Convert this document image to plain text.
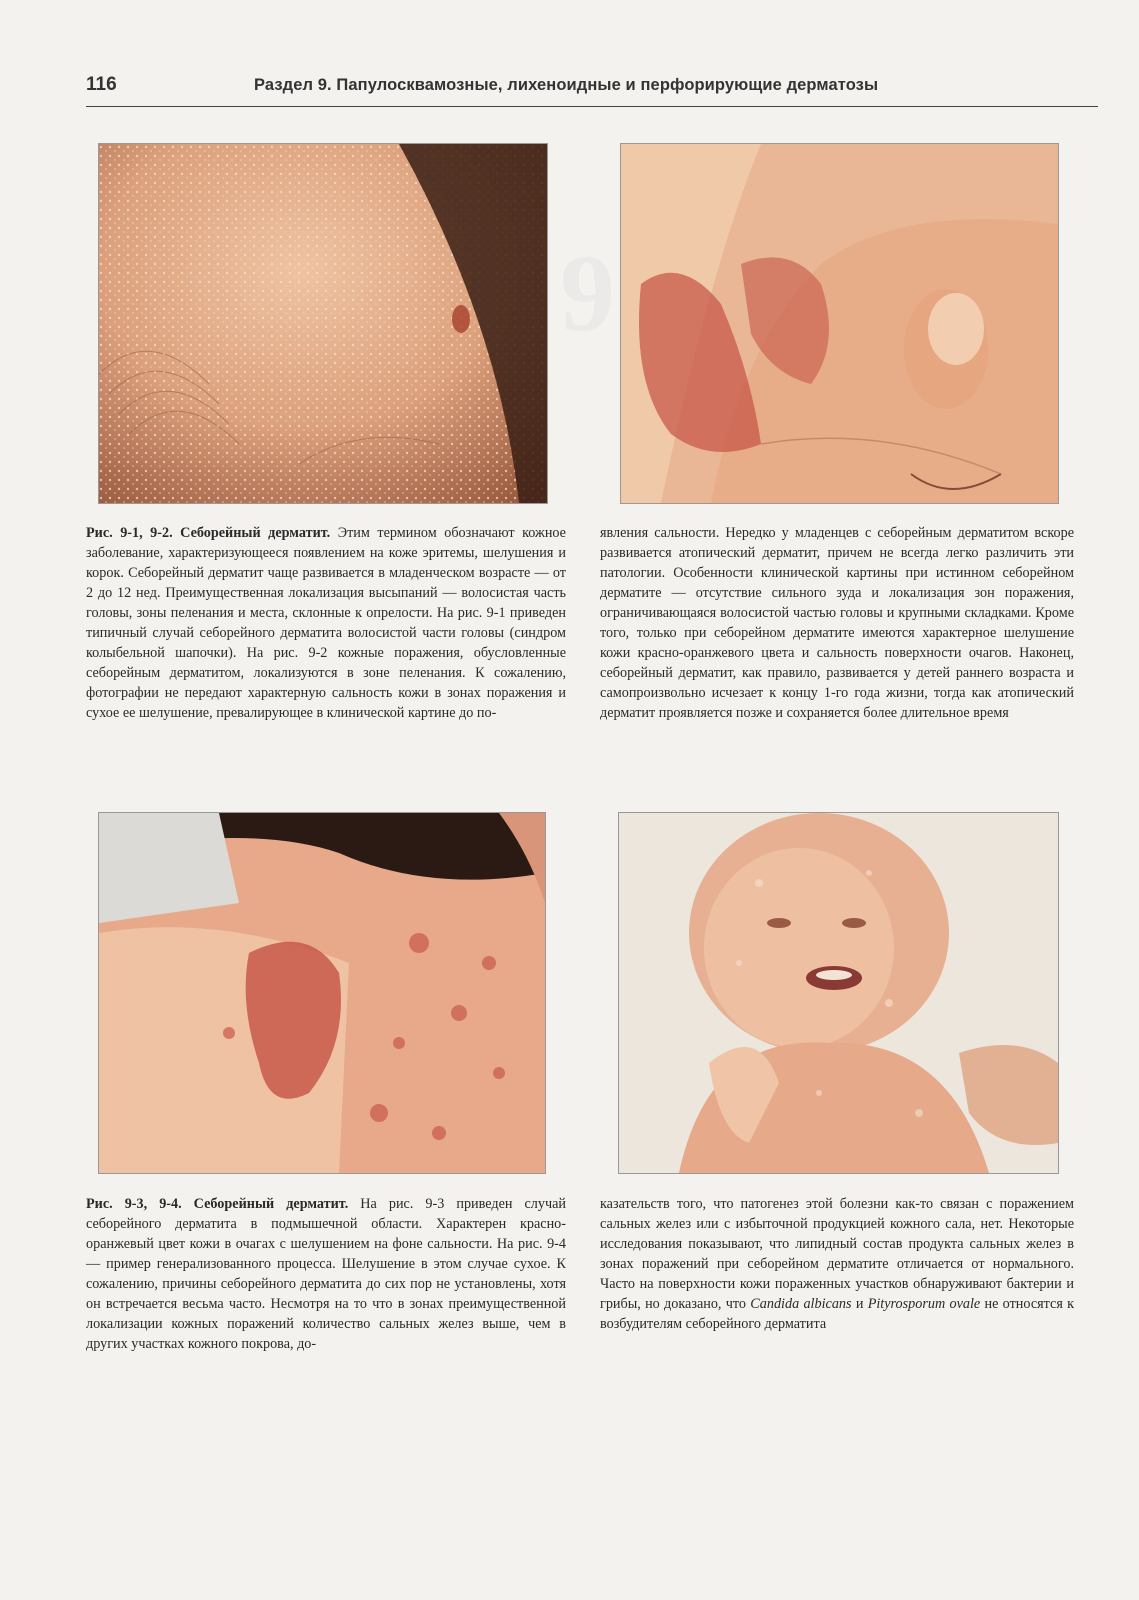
9
116	Раздел 9. Папулосквамозные, лихеноидные и перфорирующие дерматозы
Рис. 9-1, 9-2. Себорейный дерматит. Этим термином обозначают кожное заболевание, характеризующееся появлением на коже эритемы, шелушения и корок. Себорейный дерматит чаще развивается в младенческом возрасте — от 2 до 12 нед. Преимущественная локализация высыпаний — волосистая часть головы, зоны пеленания и места, склонные к опрелости. На рис. 9-1 приведен типичный случай себорейного дерматита волосистой части головы (синдром колыбельной шапочки). На рис. 9-2 кожные поражения, обусловленные себорейным дерматитом, локализуются в зоне пеленания. К сожалению, фотографии не передают характерную сальность кожи в зонах поражения и сухое ее шелушение, превалирующее в клинической картине до по-
явления сальности. Нередко у младенцев с себорейным дерматитом вскоре развивается атопический дерматит, причем не всегда легко различить эти патологии. Особенности клинической картины при истинном себорейном дерматите — отсутствие сильного зуда и локализация зон поражения, ограничивающаяся волосистой частью головы и крупными складками. Кроме того, только при себорейном дерматите имеются характерное шелушение кожи красно-оранжевого цвета и сальность поверхности очагов. Наконец, себорейный дерматит, как правило, развивается у детей раннего возраста и самопроизвольно исчезает к концу 1-го года жизни, тогда как атопический дерматит проявляется позже и сохраняется более длительное время
Рис. 9-3, 9-4. Себорейный дерматит. На рис. 9-3 приведен случай себорейного дерматита в подмышечной области. Характерен красно-оранжевый цвет кожи в очагах с шелушением на фоне сальности. На рис. 9-4 — пример генерализованного процесса. Шелушение в этом случае сухое. К сожалению, причины себорейного дерматита до сих пор не установлены, хотя он встречается весьма часто. Несмотря на то что в зонах преимущественной локализации кожных поражений количество сальных желез выше, чем в других участках кожного покрова, до-
казательств того, что патогенез этой болезни как-то связан с поражением сальных желез или с избыточной продукцией кожного сала, нет. Некоторые исследования показывают, что липидный состав продукта сальных желез в зонах поражений при себорейном дерматите отличается от нормального. Часто на поверхности кожи пораженных участков обнаруживают бактерии и грибы, но доказано, что Candida albicans и Pityrosporum ovale не относятся к возбудителям себорейного дерматита
